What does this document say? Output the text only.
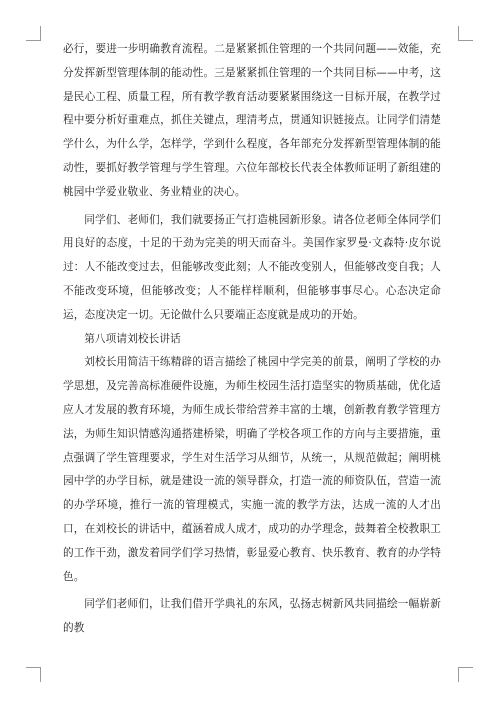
必行，要进一步明确教育流程。二是紧紧抓住管理的一个共同问题——效能，充分发挥新型管理体制的能动性。三是紧紧抓住管理的一个共同目标——中考，这是民心工程、质量工程，所有教学教育活动要紧紧围绕这一目标开展，在教学过程中要分析好重难点，抓住关键点，理清考点，贯通知识链接点。让同学们清楚学什么，为什么学，怎样学，学到什么程度，各年部充分发挥新型管理体制的能动性，要抓好教学管理与学生管理。六位年部校长代表全体教师证明了新组建的桃园中学爱业敬业、务业精业的决心。

同学们、老师们，我们就要扬正气打造桃园新形象。请各位老师全体同学们用良好的态度，十足的干劲为完美的明天而奋斗。美国作家罗曼·文森特·皮尔说过：人不能改变过去，但能够改变此刻；人不能改变别人，但能够改变自我；人不能改变环境，但能够改变；人不能样样顺利，但能够事事尽心。心态决定命运，态度决定一切。无论做什么只要端正态度就是成功的开始。

第八项请刘校长讲话

刘校长用简洁干练精辟的语言描绘了桃园中学完美的前景，阐明了学校的办学思想，及完善高标准硬件设施，为师生校园生活打造坚实的物质基础，优化适应人才发展的教育环境，为师生成长带给营养丰富的土壤，创新教育教学管理方法，为师生知识情感沟通搭建桥梁，明确了学校各项工作的方向与主要措施，重点强调了学生管理要求，学生对生活学习从细节，从统一，从规范做起；阐明桃园中学的办学目标，就是建设一流的领导群众，打造一流的师资队伍，营造一流的办学环境，推行一流的管理模式，实施一流的教学方法，达成一流的人才出口，在刘校长的讲话中，蕴涵着成人成才，成功的办学理念，鼓舞着全校教职工的工作干劲，激发着同学们学习热情，彰显爱心教育、快乐教育、教育的办学特色。

同学们老师们，让我们借开学典礼的东风，弘扬志树新风共同描绘一幅崭新的教
